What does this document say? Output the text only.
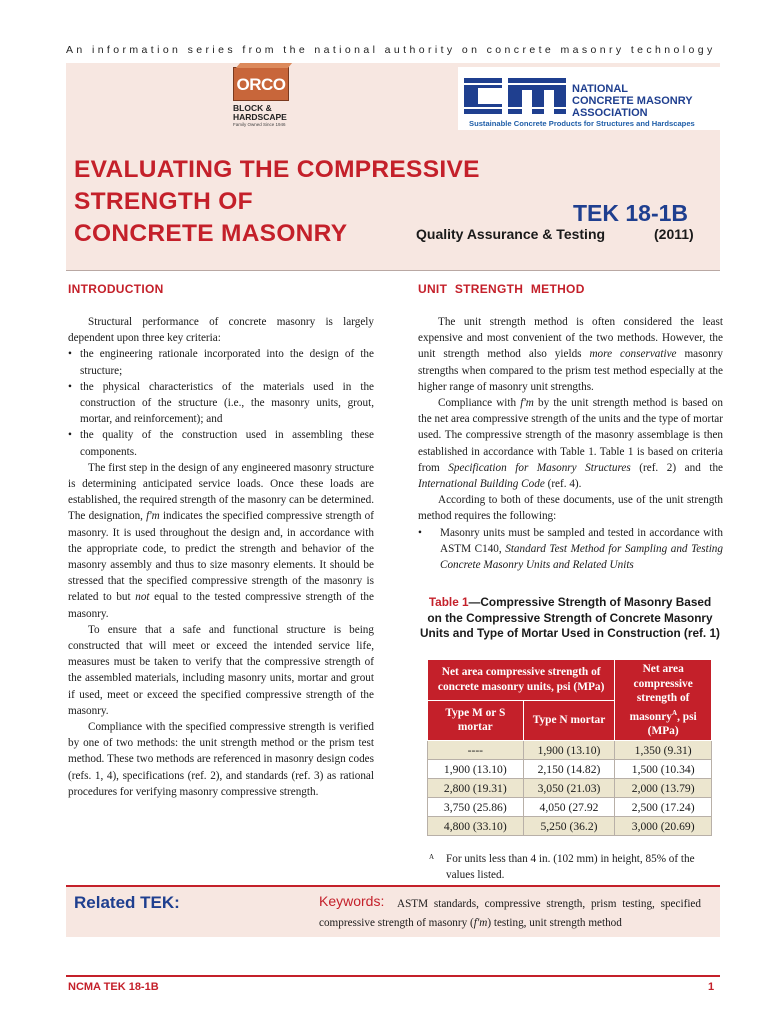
An information series from the national authority on concrete masonry technology
ORCO
BLOCK &
HARDSCAPE
Family Owned Since 1946
NATIONAL
CONCRETE MASONRY
ASSOCIATION
Sustainable Concrete Products for Structures and Hardscapes
EVALUATING THE COMPRESSIVE
STRENGTH OF
CONCRETE MASONRY
TEK 18-1B
Quality Assurance & Testing	(2011)
INTRODUCTION	UNIT STRENGTH METHOD

Structural performance of concrete masonry is largely dependent upon three key criteria:

• the engineering rationale incorporated into the design of the structure;
• the physical characteristics of the materials used in the construction of the structure (i.e., the masonry units, grout, mortar, and reinforcement); and
• the quality of the construction used in assembling these components.

The first step in the design of any engineered masonry structure is determining anticipated service loads. Once these loads are established, the required strength of the masonry can be determined. The designation, f'm indicates the specified compressive strength of masonry. It is used throughout the design and, in accordance with the appropriate code, to predict the strength and behavior of the masonry assembly and thus to size masonry elements. It should be stressed that the specified compressive strength of the masonry is related to but not equal to the tested compressive strength of the masonry.

To ensure that a safe and functional structure is being constructed that will meet or exceed the intended service life, measures must be taken to verify that the compressive strength of the assembled materials, including masonry units, mortar and grout if used, meet or exceed the specified compressive strength of the masonry.

Compliance with the specified compressive strength is verified by one of two methods: the unit strength method or the prism test method. These two methods are referenced in masonry design codes (refs. 1, 4), specifications (ref. 2), and standards (ref. 3) as rational procedures for verifying masonry compressive strength.

The unit strength method is often considered the least expensive and most convenient of the two methods. However, the unit strength method also yields more conservative masonry strengths when compared to the prism test method especially at the higher range of masonry unit strengths.

Compliance with f'm by the unit strength method is based on the net area compressive strength of the units and the type of mortar used. The compressive strength of the masonry assemblage is then established in accordance with Table 1. Table 1 is based on criteria from Specification for Masonry Structures (ref. 2) and the International Building Code (ref. 4).

According to both of these documents, use of the unit strength method requires the following:

• Masonry units must be sampled and tested in accordance with ASTM C140, Standard Test Method for Sampling and Testing Concrete Masonry Units and Related Units
Table 1—Compressive Strength of Masonry Based on the Compressive Strength of Concrete Masonry Units and Type of Mortar Used in Construction (ref. 1)
Net area compressive strength of concrete masonry units, psi (MPa)		Net area compressive strength of masonry$^A$, psi (MPa)
Type M or S mortar	Type N mortar	
----	1,900 (13.10)	1,350 (9.31)
1,900 (13.10)	2,150 (14.82)	1,500 (10.34)
2,800 (19.31)	3,050 (21.03)	2,000 (13.79)
3,750 (25.86)	4,050 (27.92	2,500 (17.24)
4,800 (33.10)	5,250 (36.2)	3,000 (20.69)
A	For units less than 4 in. (102 mm) in height, 85% of the values listed.
Related TEK:	Keywords:	ASTM standards, compressive strength, prism testing, specified compressive strength of masonry (f'm) testing, unit strength method
NCMA TEK 18-1B	1
